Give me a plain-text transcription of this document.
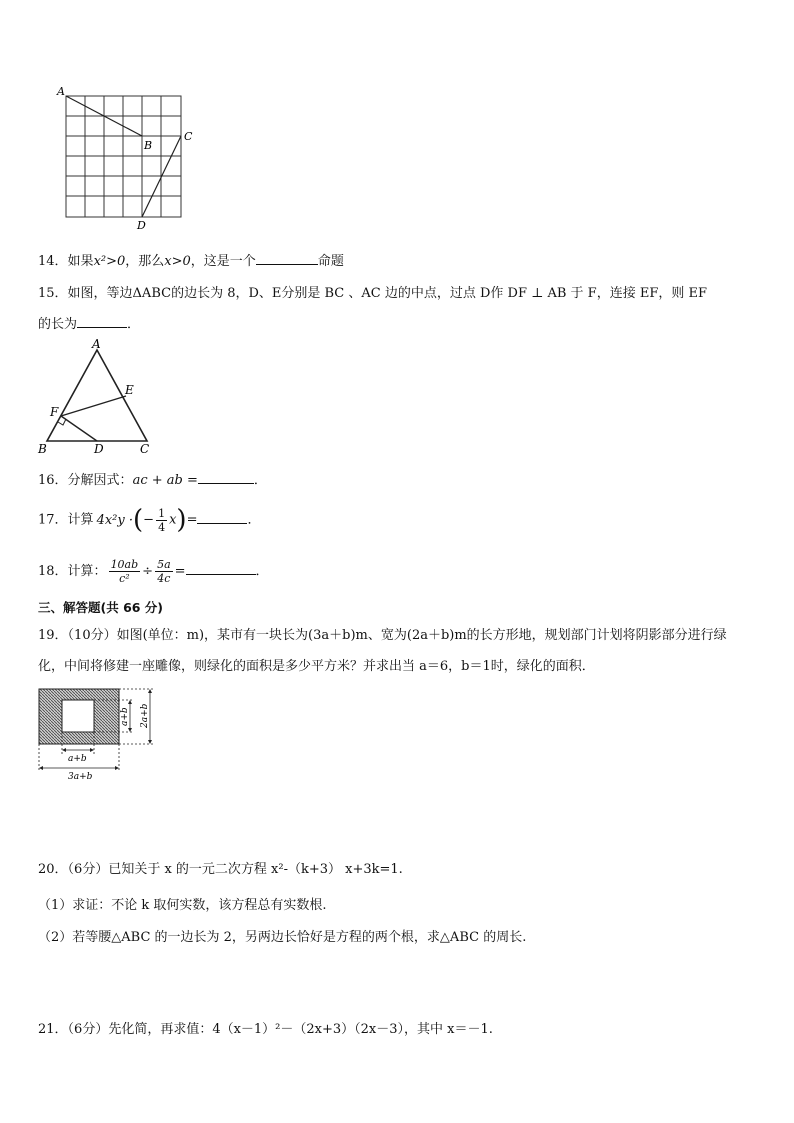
A
B
C
D
14．如果x²>0，那么x>0，这是一个	命题
15．如图，等边ΔABC的边长为 8，D、E分别是 BC 、AC 边的中点，过点 D作 DF ⊥ AB 于 F，连接 EF，则 EF
的长为	．
A
E
F
B	D	C
16．分解因式：ac + ab =	．
17．计算 4x²y ·(− $\frac{1}{4} x)=$	．
18．计算： $\frac{10ab}{\text{c²}} \div \frac{5a}{4c}$ =	．
三、解答题(共 66 分)
19．（10分）如图(单位：m)，某市有一块长为(3a＋b)m、宽为(2a＋b)m的长方形地，规划部门计划将阴影部分进行绿
化，中间将修建一座雕像，则绿化的面积是多少平方米？并求出当 a＝6，b＝1时，绿化的面积．
a+b
3a+b
a+b 2a+b
20．（6分）已知关于 x 的一元二次方程 x²-（k+3） x+3k=1.
（1）求证：不论 k 取何实数，该方程总有实数根.
（2）若等腰△ABC 的一边长为 2，另两边长恰好是方程的两个根，求△ABC 的周长.
21．（6分）先化简，再求值：4（x－1）²－（2x+3）（2x－3），其中 x＝－1.
